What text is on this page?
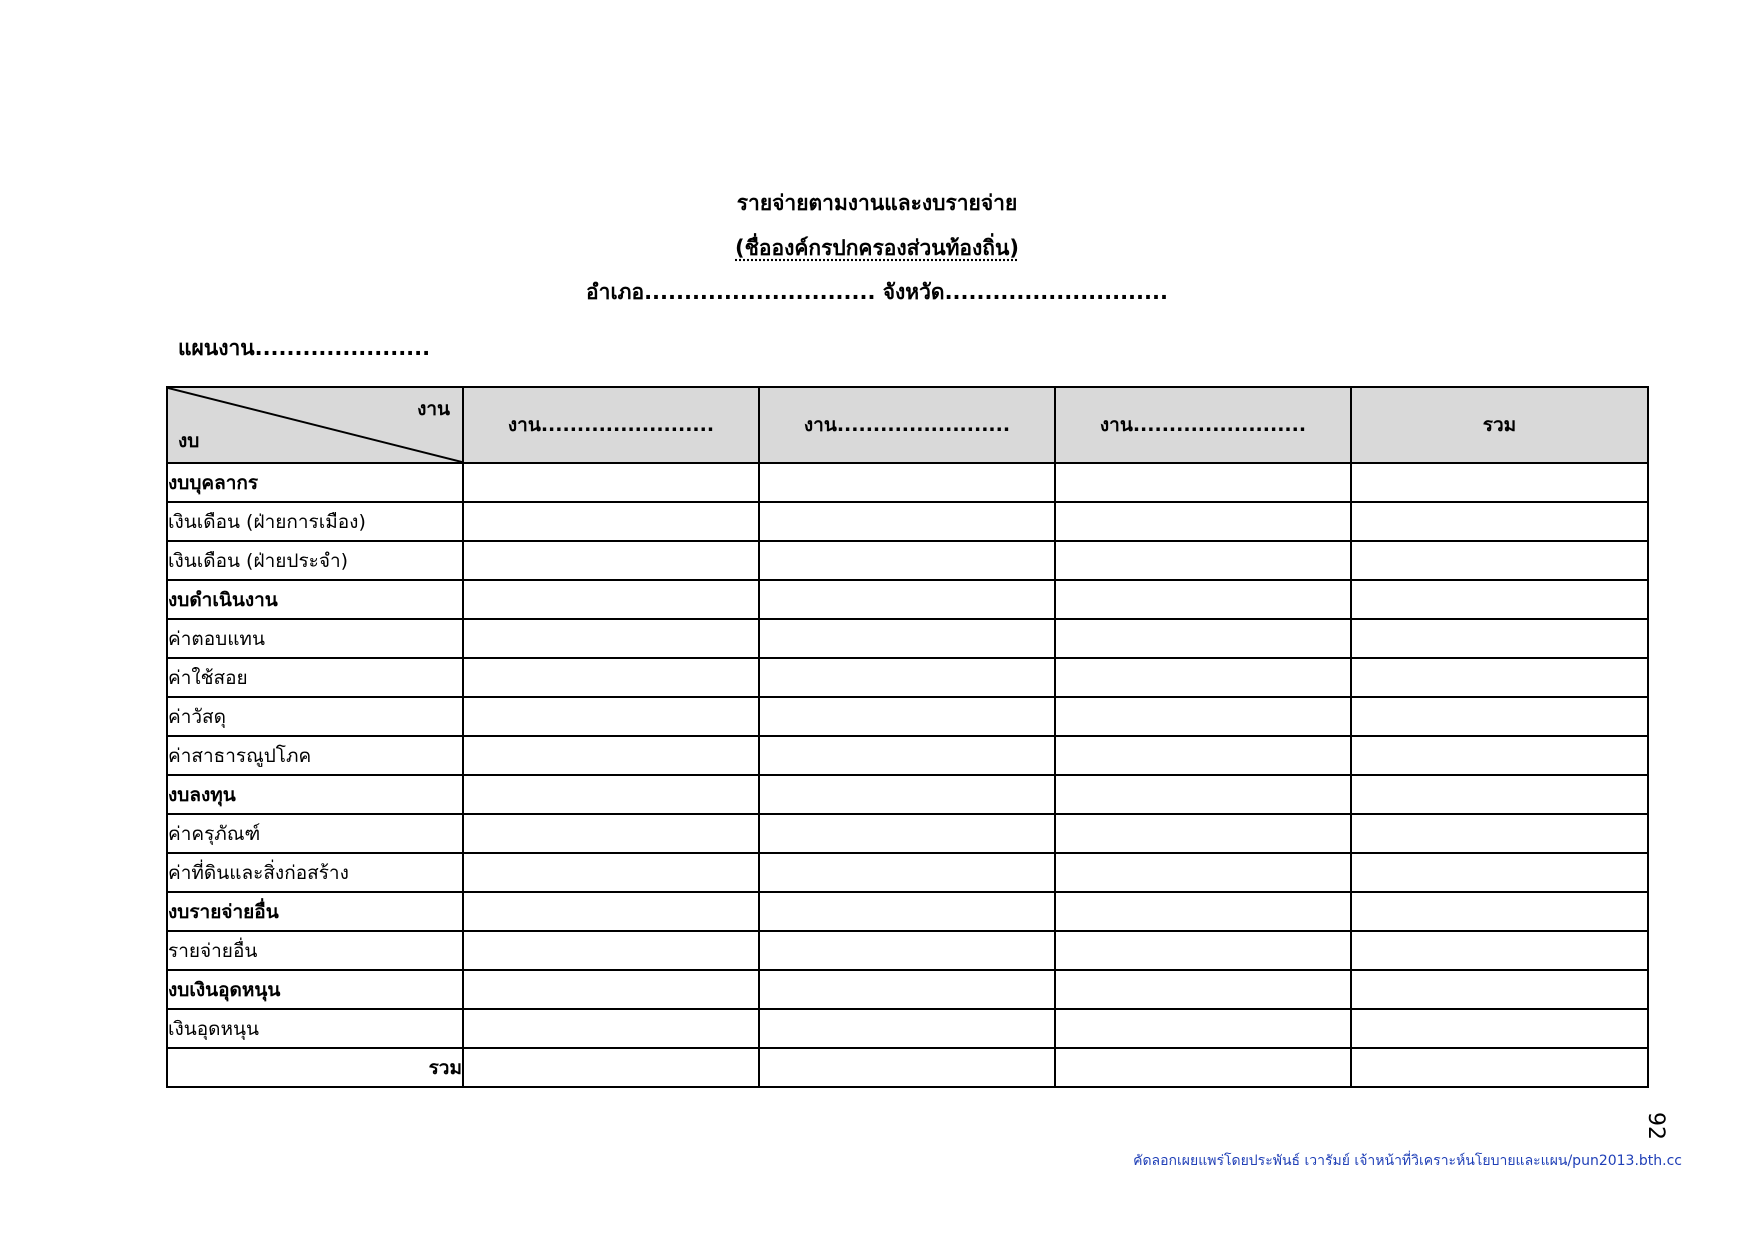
รายจ่ายตามงานและงบรายจ่าย
(ชื่อองค์กรปกครองส่วนท้องถิ่น)
อำเภอ............................. จังหวัด............................
แผนงาน......................
งาน
งบ	งาน........................	งาน........................	งาน........................	รวม
งบบุคลากร				
เงินเดือน (ฝ่ายการเมือง)				
เงินเดือน (ฝ่ายประจำ)				
งบดำเนินงาน				
ค่าตอบแทน				
ค่าใช้สอย				
ค่าวัสดุ				
ค่าสาธารณูปโภค				
งบลงทุน				
ค่าครุภัณฑ์				
ค่าที่ดินและสิ่งก่อสร้าง				
งบรายจ่ายอื่น				
รายจ่ายอื่น				
งบเงินอุดหนุน				
เงินอุดหนุน				
รวม				
92
คัดลอกเผยแพร่โดยประพันธ์ เวารัมย์ เจ้าหน้าที่วิเคราะห์นโยบายและแผน/pun2013.bth.cc
